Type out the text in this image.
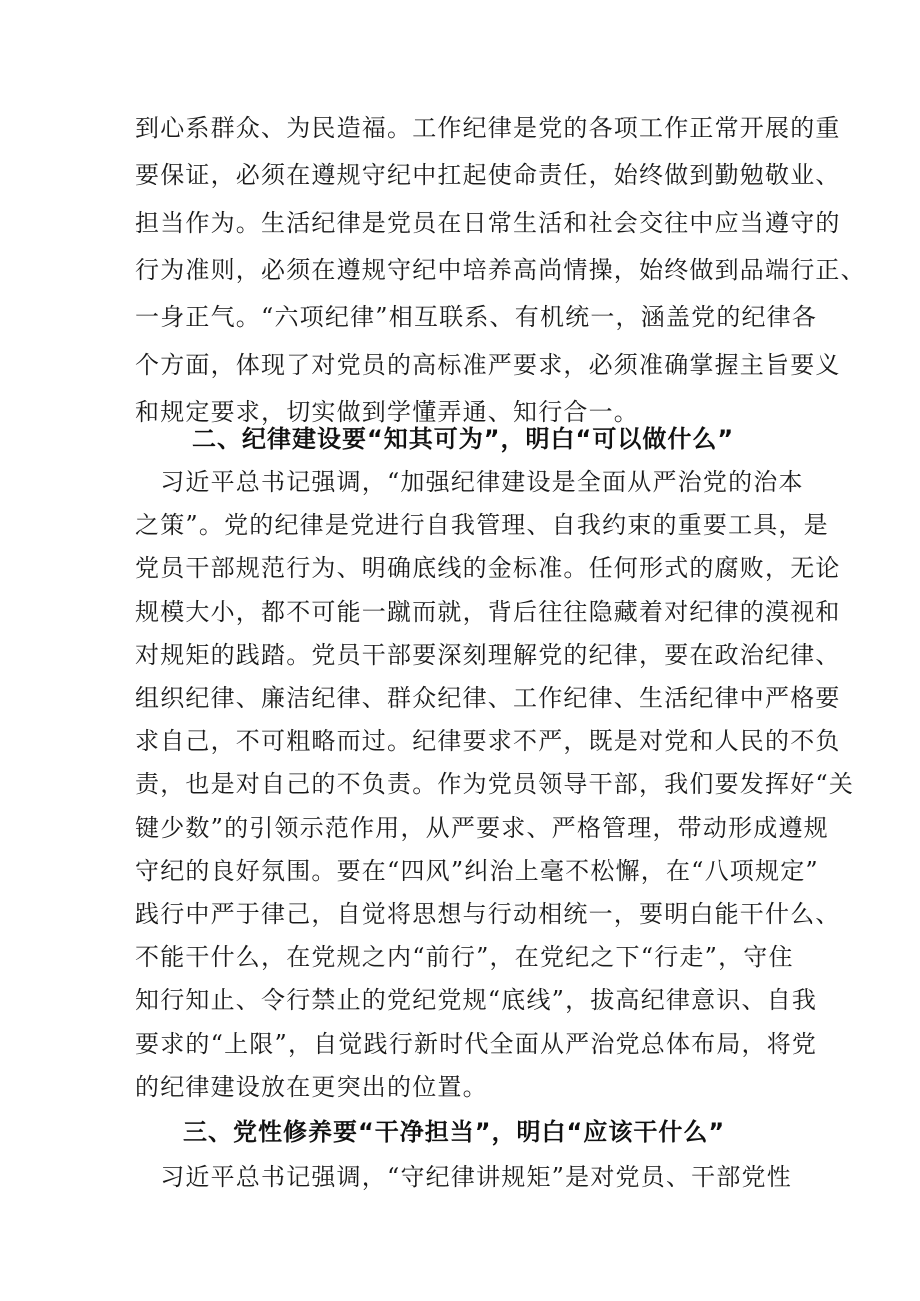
到心系群众、为民造福。工作纪律是党的各项工作正常开展的重
要保证，必须在遵规守纪中扛起使命责任，始终做到勤勉敬业、
担当作为。生活纪律是党员在日常生活和社会交往中应当遵守的
行为准则，必须在遵规守纪中培养高尚情操，始终做到品端行正、
一身正气。“六项纪律”相互联系、有机统一，涵盖党的纪律各
个方面，体现了对党员的高标准严要求，必须准确掌握主旨要义
和规定要求，切实做到学懂弄通、知行合一。
二、纪律建设要“知其可为”，明白“可以做什么”
　习近平总书记强调，“加强纪律建设是全面从严治党的治本
之策”。党的纪律是党进行自我管理、自我约束的重要工具，是
党员干部规范行为、明确底线的金标准。任何形式的腐败，无论
规模大小，都不可能一蹴而就，背后往往隐藏着对纪律的漠视和
对规矩的践踏。党员干部要深刻理解党的纪律，要在政治纪律、
组织纪律、廉洁纪律、群众纪律、工作纪律、生活纪律中严格要
求自己，不可粗略而过。纪律要求不严，既是对党和人民的不负
责，也是对自己的不负责。作为党员领导干部，我们要发挥好“关
键少数”的引领示范作用，从严要求、严格管理，带动形成遵规
守纪的良好氛围。要在“四风”纠治上毫不松懈，在“八项规定”
践行中严于律己，自觉将思想与行动相统一，要明白能干什么、
不能干什么，在党规之内“前行”，在党纪之下“行走”，守住
知行知止、令行禁止的党纪党规“底线”，拔高纪律意识、自我
要求的“上限”，自觉践行新时代全面从严治党总体布局，将党
的纪律建设放在更突出的位置。
三、党性修养要“干净担当”，明白“应该干什么”
　习近平总书记强调，“守纪律讲规矩”是对党员、干部党性
